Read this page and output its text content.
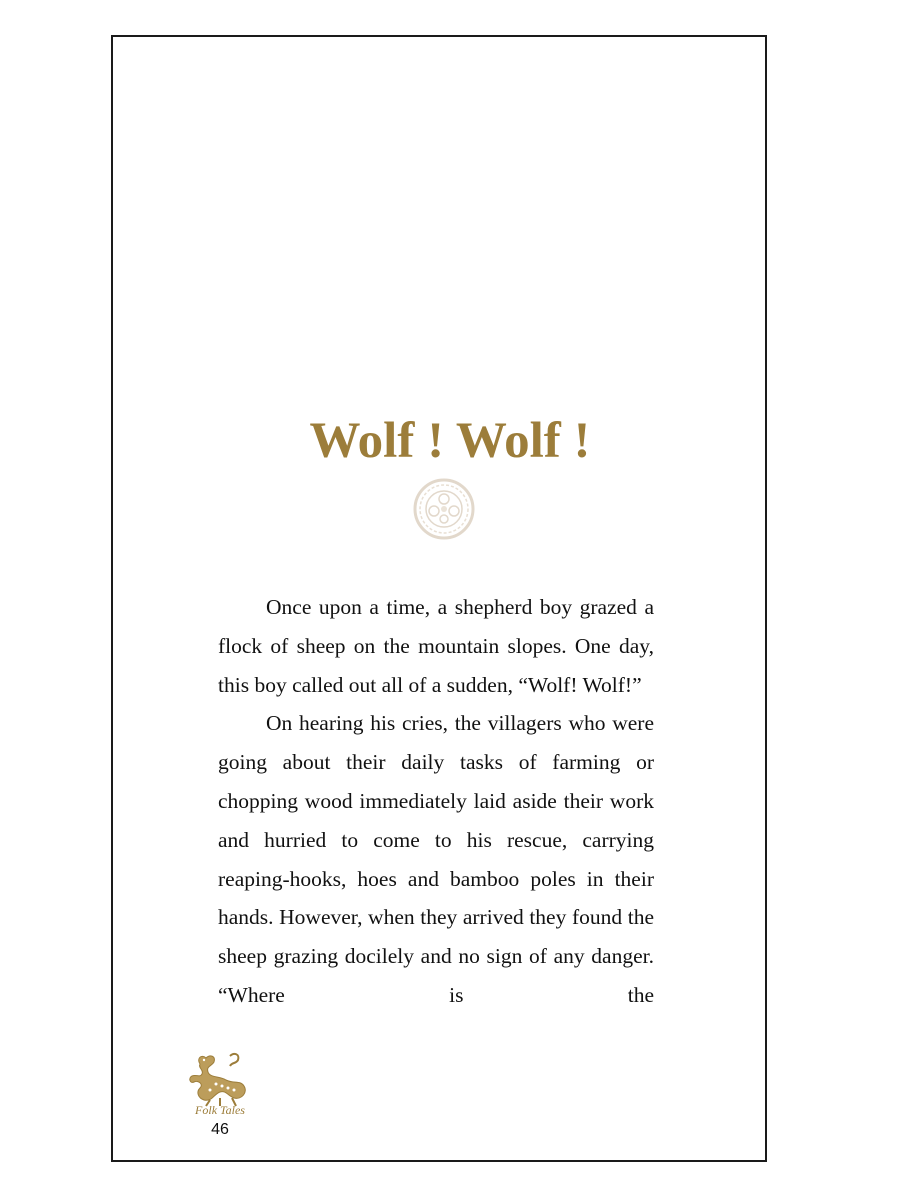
Wolf ! Wolf !

Once upon a time, a shepherd boy grazed a flock of sheep on the mountain slopes. One day, this boy called out all of a sudden, “Wolf! Wolf!”

On hearing his cries, the villagers who were going about their daily tasks of farming or chopping wood immediately laid aside their work and hurried to come to his rescue, carrying reaping-hooks, hoes and bamboo poles in their hands. However, when they arrived they found the sheep grazing docilely and no sign of any danger. “Where is the

Folk Tales
46
